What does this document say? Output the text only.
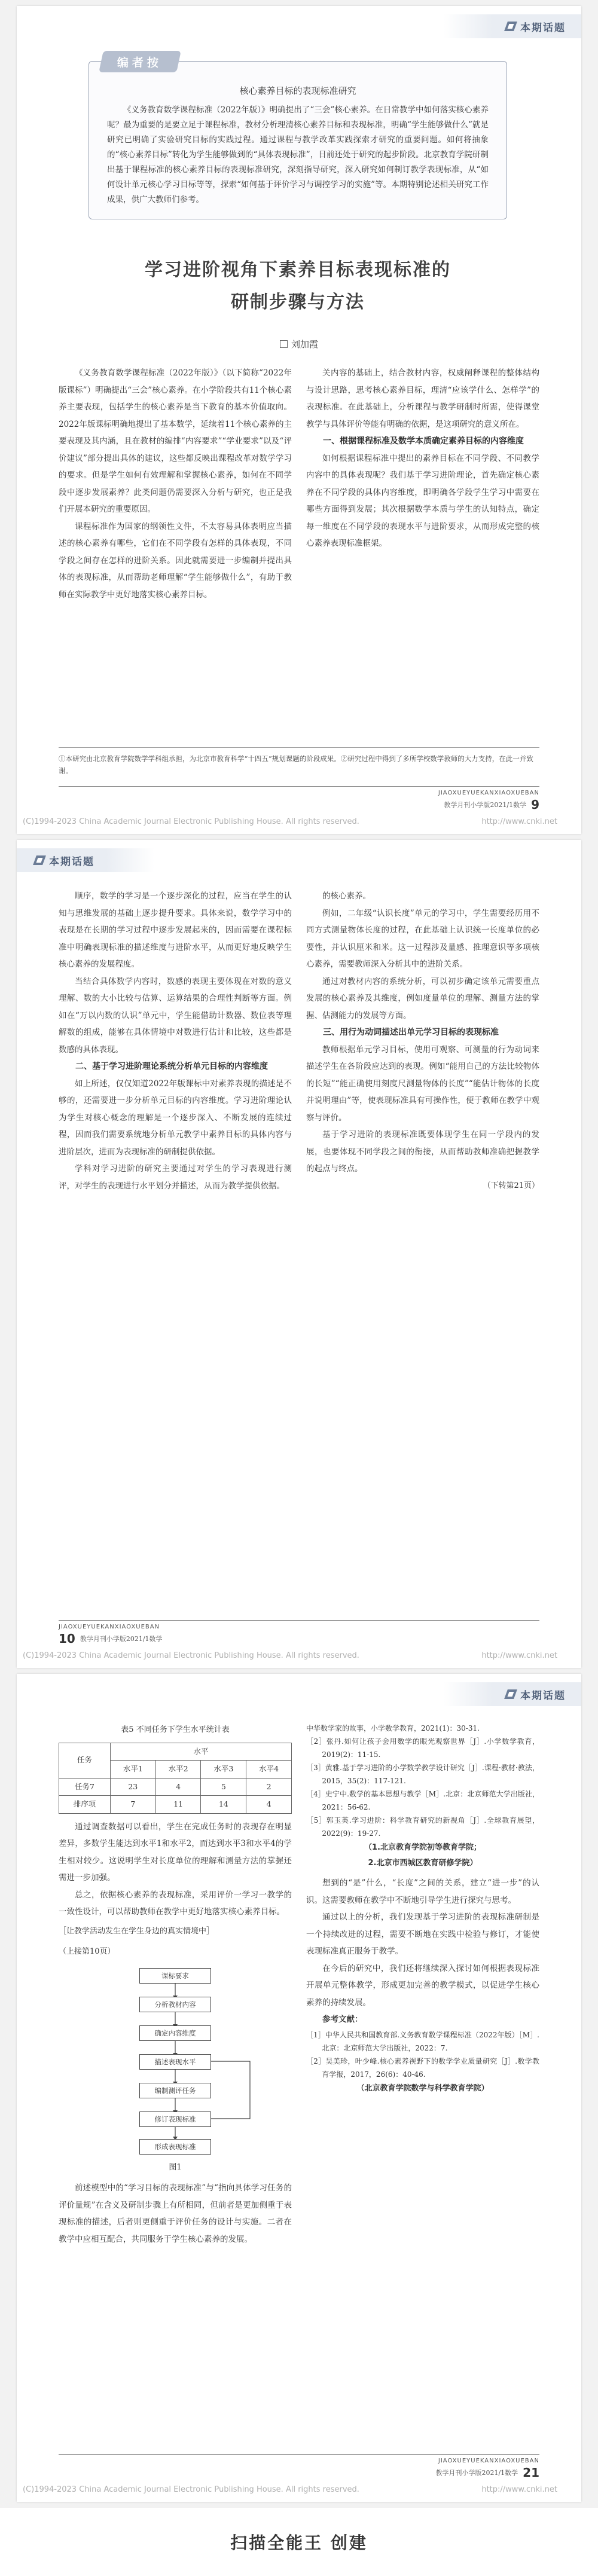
本期话题
编者按
核心素养目标的表现标准研究

《义务教育数学课程标准（2022年版）》明确提出了“三会”核心素养。在日常教学中如何落实核心素养呢？最为重要的是要立足于课程标准，教材分析理清核心素养目标和表现标准，明确“学生能够做什么”就是研究已明确了实验研究目标的实践过程。通过课程与教学改革实践探索才研究的重要问题。如何将抽象的“核心素养目标”转化为学生能够做到的“具体表现标准”，日前还处于研究的起步阶段。北京教育学院研制出基于课程标准的核心素养目标的表现标准研究，深刻指导研究，深入研究如何制订教学表现标准，从“如何设计单元核心学习目标等等，探索“如何基于评价学习与调控学习的实施”等。本期特别论述相关研究工作成果，供广大教师们参考。

学习进阶视角下素养目标表现标准的
研制步骤与方法
刘加霞

《义务教育数学课程标准（2022年版）》（以下简称“2022年版课标”）明确提出“三会”核心素养。在小学阶段共有11个核心素养主要表现，包括学生的核心素养是当下教育的基本价值取向。2022年版课标明确地提出了基本数学，延续着11个核心素养的主要表现及其内涵，且在教材的编排“内容要求”“学业要求”以及“评价建议”部分提出具体的建议，这些都反映出课程改革对数学学习的要求。但是学生如何有效理解和掌握核心素养，如何在不同学段中逐步发展素养？此类问题仍需要深入分析与研究，也正是我们开展本研究的重要原因。

课程标准作为国家的纲领性文件，不太容易具体表明应当描述的核心素养有哪些，它们在不同学段有怎样的具体表现，不同学段之间存在怎样的进阶关系。因此就需要进一步编制并提出具体的表现标准，从而帮助老师理解“学生能够做什么”，有助于教师在实际教学中更好地落实核心素养目标。

关内容的基础上，结合教材内容，权威阐释课程的整体结构与设计思路，思考核心素养目标，理清“应该学什么、怎样学”的表现标准。在此基础上，分析课程与教学研制时所需，使得课堂教学与具体评价等能有明确的依据，是这项研究的意义所在。

一、根据课程标准及数学本质确定素养目标的内容维度

如何根据课程标准中提出的素养目标在不同学段、不同教学内容中的具体表现呢？我们基于学习进阶理论，首先确定核心素养在不同学段的具体内容维度，即明确各学段学生学习中需要在哪些方面得到发展；其次根据数学本质与学生的认知特点，确定每一维度在不同学段的表现水平与进阶要求，从而形成完整的核心素养表现标准框架。

①本研究由北京教育学院数学学科组承担，为北京市教育科学“十四五”规划课题的阶段成果。②研究过程中得到了多所学校数学教师的大力支持，在此一并致谢。
JIAOXUEYUEKANXIAOXUEBAN
教学月刊小学版2021/1数学 9
(C)1994-2023 China Academic Journal Electronic Publishing House. All rights reserved.	http://www.cnki.net
本期话题

顺序，数学的学习是一个逐步深化的过程，应当在学生的认知与思维发展的基础上逐步提升要求。具体来说，数学学习中的表现是在长期的学习过程中逐步发展起来的，因而需要在课程标准中明确表现标准的描述维度与进阶水平，从而更好地反映学生核心素养的发展程度。

当结合具体数学内容时，数感的表现主要体现在对数的意义理解、数的大小比较与估算、运算结果的合理性判断等方面。例如在“万以内数的认识”单元中，学生能借助计数器、数位表等理解数的组成，能够在具体情境中对数进行估计和比较，这些都是数感的具体表现。

二、基于学习进阶理论系统分析单元目标的内容维度

如上所述，仅仅知道2022年版课标中对素养表现的描述是不够的，还需要进一步分析单元目标的内容维度。学习进阶理论认为学生对核心概念的理解是一个逐步深入、不断发展的连续过程，因而我们需要系统地分析单元教学中素养目标的具体内容与进阶层次，进而为表现标准的研制提供依据。

学科对学习进阶的研究主要通过对学生的学习表现进行测评，对学生的表现进行水平划分并描述，从而为教学提供依据。

的核心素养。

例如，二年级“认识长度”单元的学习中，学生需要经历用不同方式测量物体长度的过程，在此基础上认识统一长度单位的必要性，并认识厘米和米。这一过程涉及量感、推理意识等多项核心素养，需要教师深入分析其中的进阶关系。

通过对教材内容的系统分析，可以初步确定该单元需要重点发展的核心素养及其维度，例如度量单位的理解、测量方法的掌握、估测能力的发展等方面。

三、用行为动词描述出单元学习目标的表现标准

教师根据单元学习目标，使用可观察、可测量的行为动词来描述学生在各阶段应达到的表现。例如“能用自己的方法比较物体的长短”“能正确使用刻度尺测量物体的长度”“能估计物体的长度并说明理由”等，使表现标准具有可操作性，便于教师在教学中观察与评价。

基于学习进阶的表现标准既要体现学生在同一学段内的发展，也要体现不同学段之间的衔接，从而帮助教师准确把握教学的起点与终点。

（下转第21页）
JIAOXUEYUEKANXIAOXUEBAN
10 教学月刊小学版2021/1数学
(C)1994-2023 China Academic Journal Electronic Publishing House. All rights reserved.	http://www.cnki.net
本期话题
表5 不同任务下学生水平统计表
任务	水平			
	水平1	水平2	水平3	水平4
任务7	23	4	5	2
排序项	7	11	14	4

通过调查数据可以看出，学生在完成任务时的表现存在明显差异，多数学生能达到水平1和水平2，而达到水平3和水平4的学生相对较少。这说明学生对长度单位的理解和测量方法的掌握还需进一步加强。

总之，依据核心素养的表现标准，采用评价一学习一教学的一致性设计，可以帮助教师在教学中更好地落实核心素养目标。

［让教学活动发生在学生身边的真实情境中］
（上接第10页）
课标要求
分析教材内容
确定内容维度
描述表现水平
编制测评任务
修订表现标准
形成表现标准
图1

前述模型中的“学习目标的表现标准”与“指向具体学习任务的评价量规”在含义及研制步骤上有所相同，但前者是更加侧重于表现标准的描述，后者则更侧重于评价任务的设计与实施。二者在教学中应相互配合，共同服务于学生核心素养的发展。

中华数学家的故事，小学数学教育，2021(1)：30-31.

［2］张丹.如何让孩子会用数学的眼光观察世界［J］.小学数学教育，2019(2)：11-15.

［3］黄雅.基于学习进阶的小学数学教学设计研究［J］.课程·教材·教法，2015，35(2)：117-121.

［4］史宁中.数学的基本思想与教学［M］.北京：北京师范大学出版社，2021：56-62.

［5］郭玉英.学习进阶：科学教育研究的新视角［J］.全球教育展望，2022(9)：19-27.

（1.北京教育学院初等教育学院；
2.北京市西城区教育研修学院）

想到的“是”什么，“长度”之间的关系，建立“进一步”的认识。这需要教师在教学中不断地引导学生进行探究与思考。

通过以上的分析，我们发现基于学习进阶的表现标准研制是一个持续改进的过程，需要不断地在实践中检验与修订，才能使表现标准真正服务于教学。

在今后的研究中，我们还将继续深入探讨如何根据表现标准开展单元整体教学，形成更加完善的教学模式，以促进学生核心素养的持续发展。

参考文献：

［1］中华人民共和国教育部.义务教育数学课程标准（2022年版）［M］.北京：北京师范大学出版社，2022：7.

［2］吴美珍，叶少峰.核心素养视野下的数学学业质量研究［J］.数学教育学报，2017，26(6)：40-46.

（北京教育学院数学与科学教育学院）
JIAOXUEYUEKANXIAOXUEBAN
教学月刊小学版2021/1数学 21
(C)1994-2023 China Academic Journal Electronic Publishing House. All rights reserved.	http://www.cnki.net
扫描全能王 创建
